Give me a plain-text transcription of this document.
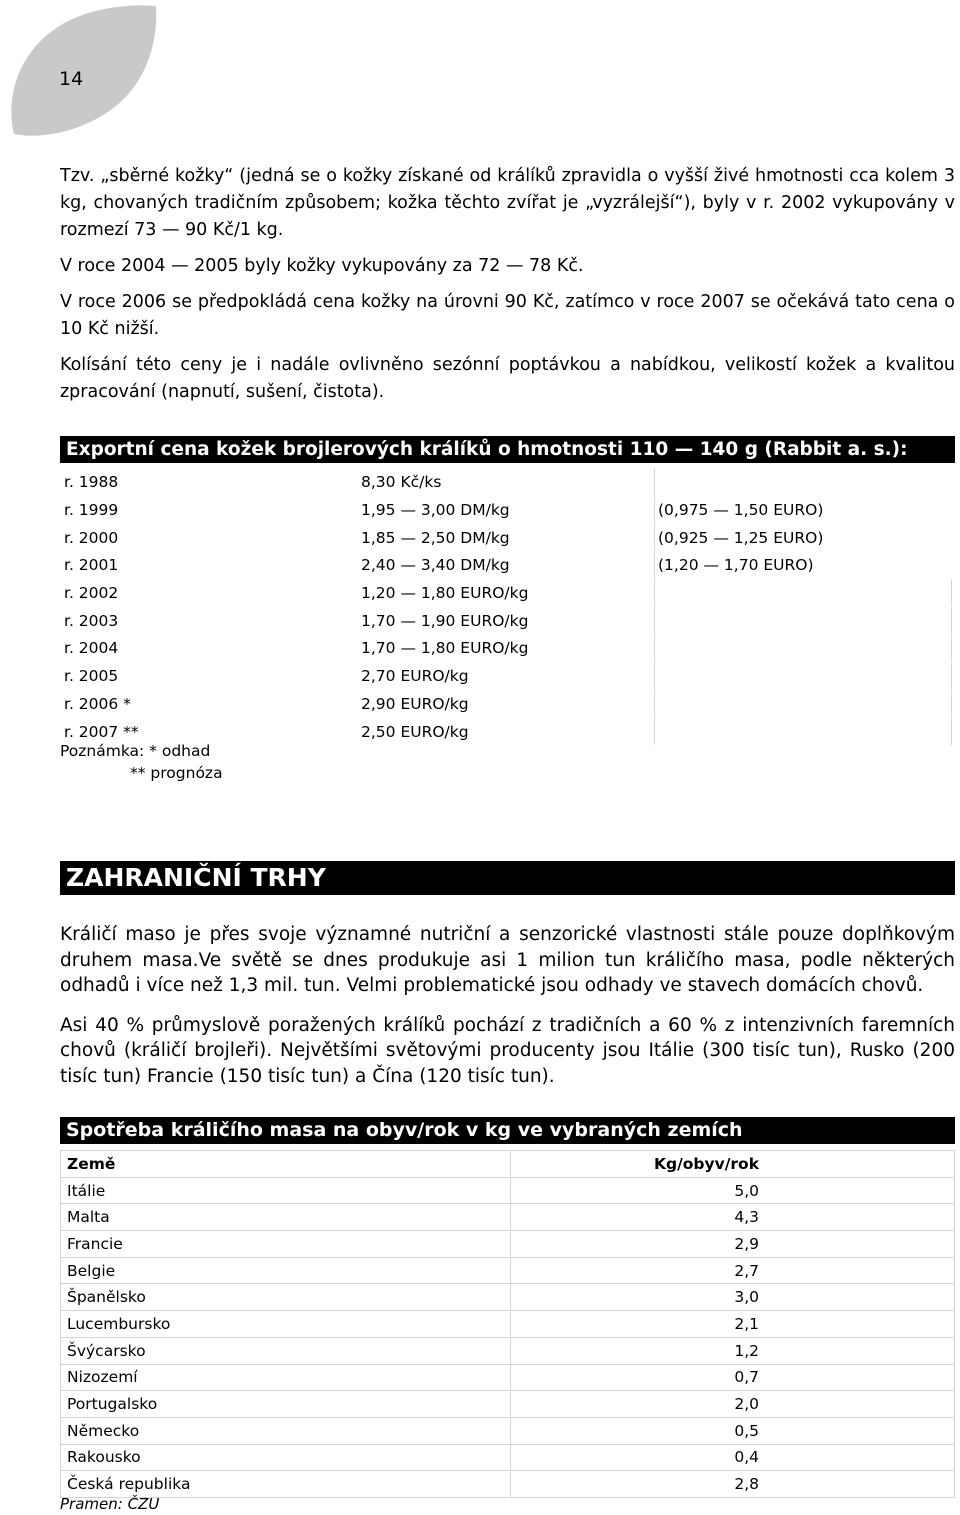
14

Tzv. „sběrné kožky“ (jedná se o kožky získané od králíků zpravidla o vyšší živé hmotnosti cca kolem 3 kg, chovaných tradičním způsobem; kožka těchto zvířat je „vyzrálejší“), byly v r. 2002 vykupovány v rozmezí 73 — 90 Kč/1 kg.

V roce 2004 — 2005 byly kožky vykupovány za 72 — 78 Kč.

V roce 2006 se předpokládá cena kožky na úrovni 90 Kč, zatímco v roce 2007 se očekává tato cena o 10 Kč nižší.

Kolísání této ceny je i nadále ovlivněno sezónní poptávkou a nabídkou, velikostí kožek a kvalitou zpracování (napnutí, sušení, čistota).

Exportní cena kožek brojlerových králíků o hmotnosti 110 — 140 g (Rabbit a. s.):
r. 1988	8,30 Kč/ks	
r. 1999	1,95 — 3,00 DM/kg	(0,975 — 1,50 EURO)
r. 2000	1,85 — 2,50 DM/kg	(0,925 — 1,25 EURO)
r. 2001	2,40 — 3,40 DM/kg	(1,20 — 1,70 EURO)
r. 2002	1,20 — 1,80 EURO/kg	
r. 2003	1,70 — 1,90 EURO/kg	
r. 2004	1,70 — 1,80 EURO/kg	
r. 2005	2,70 EURO/kg	
r. 2006 *	2,90 EURO/kg	
r. 2007 **	2,50 EURO/kg	
Poznámka: * odhad
** prognóza
ZAHRANIČNÍ TRHY

Králičí maso je přes svoje významné nutriční a senzorické vlastnosti stále pouze doplňkovým druhem masa.Ve světě se dnes produkuje asi 1 milion tun králičího masa, podle některých odhadů i více než 1,3 mil. tun. Velmi problematické jsou odhady ve stavech domácích chovů.

Asi 40 % průmyslově poražených králíků pochází z tradičních a 60 % z intenzivních faremních chovů (králičí brojleři). Největšími světovými producenty jsou Itálie (300 tisíc tun), Rusko (200 tisíc tun) Francie (150 tisíc tun) a Čína (120 tisíc tun).

Spotřeba králičího masa na obyv/rok v kg ve vybraných zemích
Země	Kg/obyv/rok
Itálie	5,0
Malta	4,3
Francie	2,9
Belgie	2,7
Španělsko	3,0
Lucembursko	2,1
Švýcarsko	1,2
Nizozemí	0,7
Portugalsko	2,0
Německo	0,5
Rakousko	0,4
Česká republika	2,8
Pramen: ČZU
